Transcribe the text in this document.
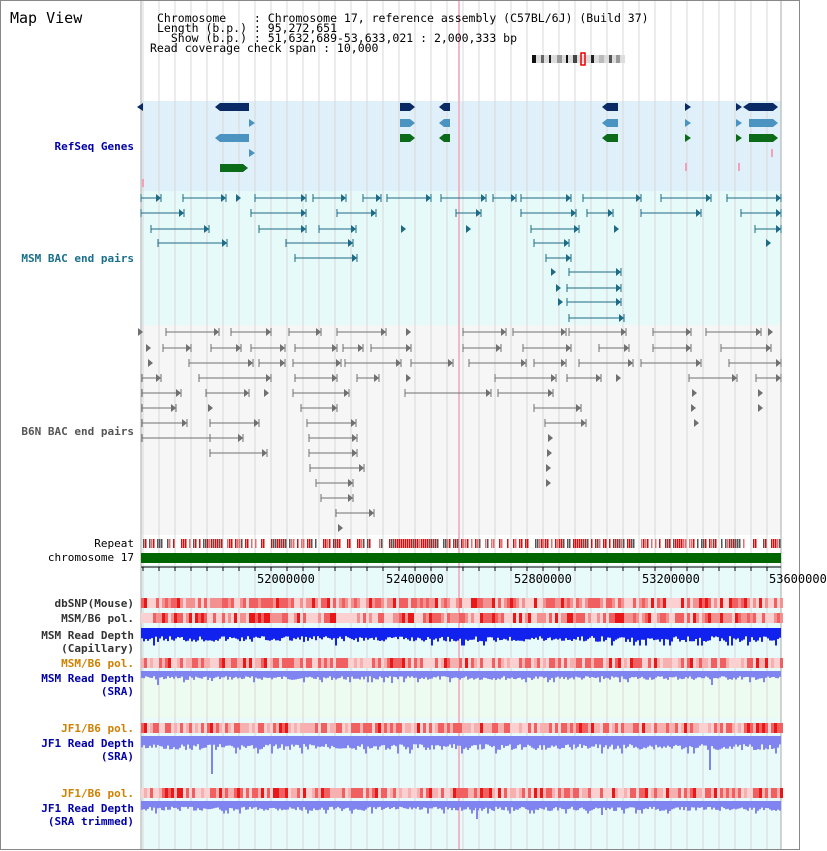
Map View	Chromosome    : Chromosome 17, reference assembly (C57BL/6J) (Build 37)
Length (b.p.) : 95,272,651
Show (b.p.) : 51,632,689-53,633,021 : 2,000,333 bp
Read coverage check span : 10,000
RefSeq Genes
MSM BAC end pairs
B6N BAC end pairs
Repeat
chromosome 17
dbSNP(Mouse)
MSM/B6 pol.
MSM Read Depth
(Capillary)
MSM/B6 pol.
MSM Read Depth
(SRA)
JF1/B6 pol.
JF1 Read Depth
(SRA)
JF1/B6 pol.
JF1 Read Depth
(SRA trimmed)
52000000	52400000	52800000	53200000	53600000
